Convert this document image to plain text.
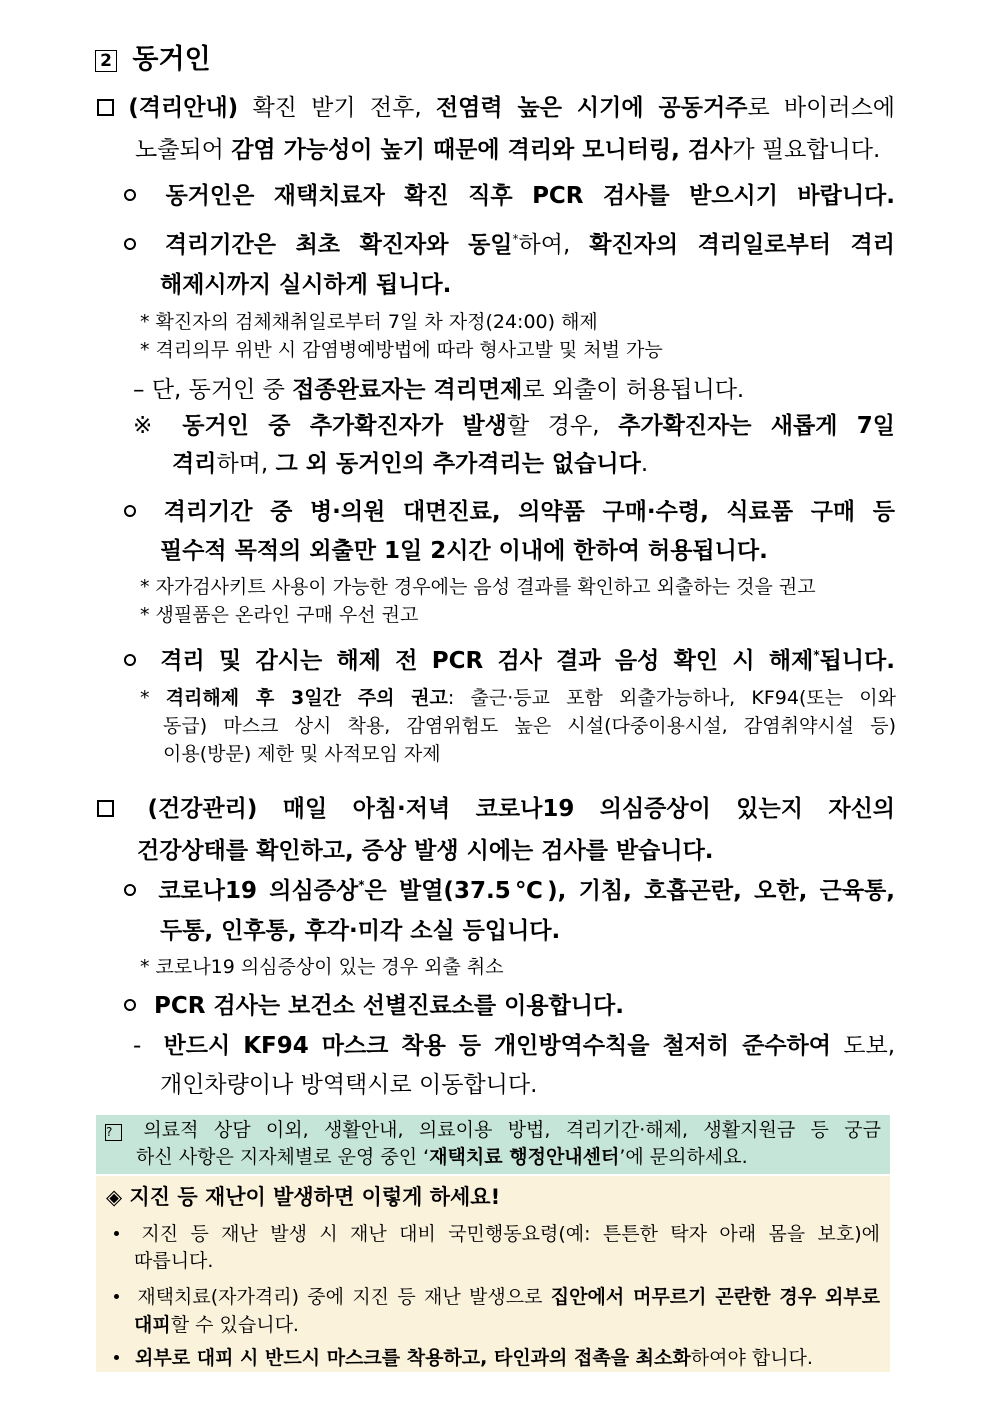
2 동거인
(격리안내) 확진 받기 전후, 전염력 높은 시기에 공동거주로 바이러스에
노출되어 감염 가능성이 높기 때문에 격리와 모니터링, 검사가 필요합니다.
동거인은 재택치료자 확진 직후 PCR 검사를 받으시기 바랍니다.
격리기간은 최초 확진자와 동일*하여, 확진자의 격리일로부터 격리
해제시까지 실시하게 됩니다.
* 확진자의 검체채취일로부터 7일 차 자정(24:00) 해제
* 격리의무 위반 시 감염병예방법에 따라 형사고발 및 처벌 가능
– 단, 동거인 중 접종완료자는 격리면제로 외출이 허용됩니다.
※ 동거인 중 추가확진자가 발생할 경우, 추가확진자는 새롭게 7일
격리하며, 그 외 동거인의 추가격리는 없습니다.
격리기간 중 병·의원 대면진료, 의약품 구매·수령, 식료품 구매 등
필수적 목적의 외출만 1일 2시간 이내에 한하여 허용됩니다.
* 자가검사키트 사용이 가능한 경우에는 음성 결과를 확인하고 외출하는 것을 권고
* 생필품은 온라인 구매 우선 권고
격리 및 감시는 해제 전 PCR 검사 결과 음성 확인 시 해제*됩니다.
* 격리해제 후 3일간 주의 권고: 출근·등교 포함 외출가능하나, KF94(또는 이와
동급) 마스크 상시 착용, 감염위험도 높은 시설(다중이용시설, 감염취약시설 등)
이용(방문) 제한 및 사적모임 자제
(건강관리) 매일 아침·저녁 코로나19 의심증상이 있는지 자신의
건강상태를 확인하고, 증상 발생 시에는 검사를 받습니다.
코로나19 의심증상*은 발열(37.5℃), 기침, 호흡곤란, 오한, 근육통,
두통, 인후통, 후각·미각 소실 등입니다.
* 코로나19 의심증상이 있는 경우 외출 취소
PCR 검사는 보건소 선별진료소를 이용합니다.
- 반드시 KF94 마스크 착용 등 개인방역수칙을 철저히 준수하여 도보,
개인차량이나 방역택시로 이동합니다.
? 의료적 상담 이외, 생활안내, 의료이용 방법, 격리기간·해제, 생활지원금 등 궁금
하신 사항은 지자체별로 운영 중인 ‘재택치료 행정안내센터’에 문의하세요.
◈ 지진 등 재난이 발생하면 이렇게 하세요!
지진 등 재난 발생 시 재난 대비 국민행동요령(예: 튼튼한 탁자 아래 몸을 보호)에
따릅니다.
재택치료(자가격리) 중에 지진 등 재난 발생으로 집안에서 머무르기 곤란한 경우 외부로
대피할 수 있습니다.
외부로 대피 시 반드시 마스크를 착용하고, 타인과의 접촉을 최소화하여야 합니다.
